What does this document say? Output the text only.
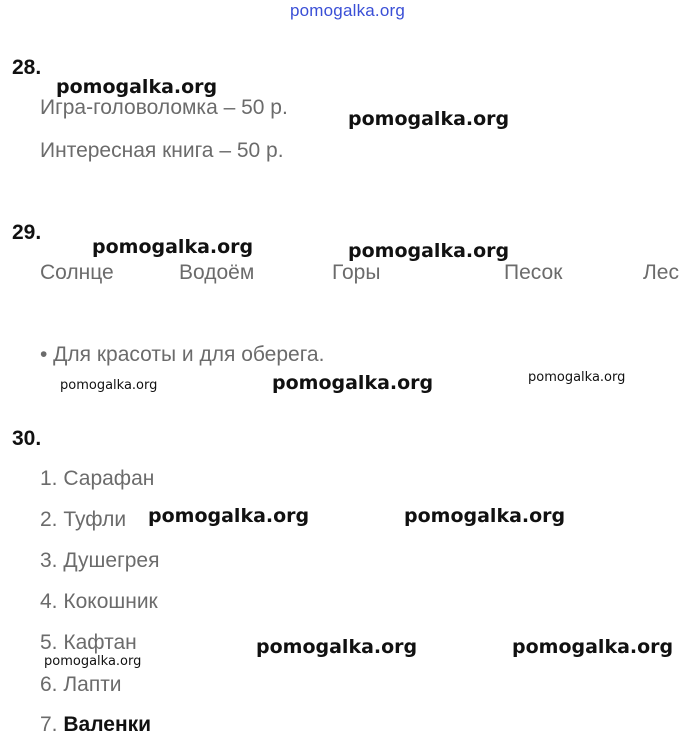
pomogalka.org
28.
Игра-головоломка – 50 р.
Интересная книга – 50 р.
29.
Солнце	Водоём	Горы	Песок	Лес
• Для красоты и для оберега.
30.
1. Сарафан
2. Туфли
3. Душегрея
4. Кокошник
5. Кафтан
6. Лапти
7. Валенки
pomogalka.org
pomogalka.org
pomogalka.org	pomogalka.org
pomogalka.org	pomogalka.org	pomogalka.org
pomogalka.org	pomogalka.org
pomogalka.org	pomogalka.org
pomogalka.org
